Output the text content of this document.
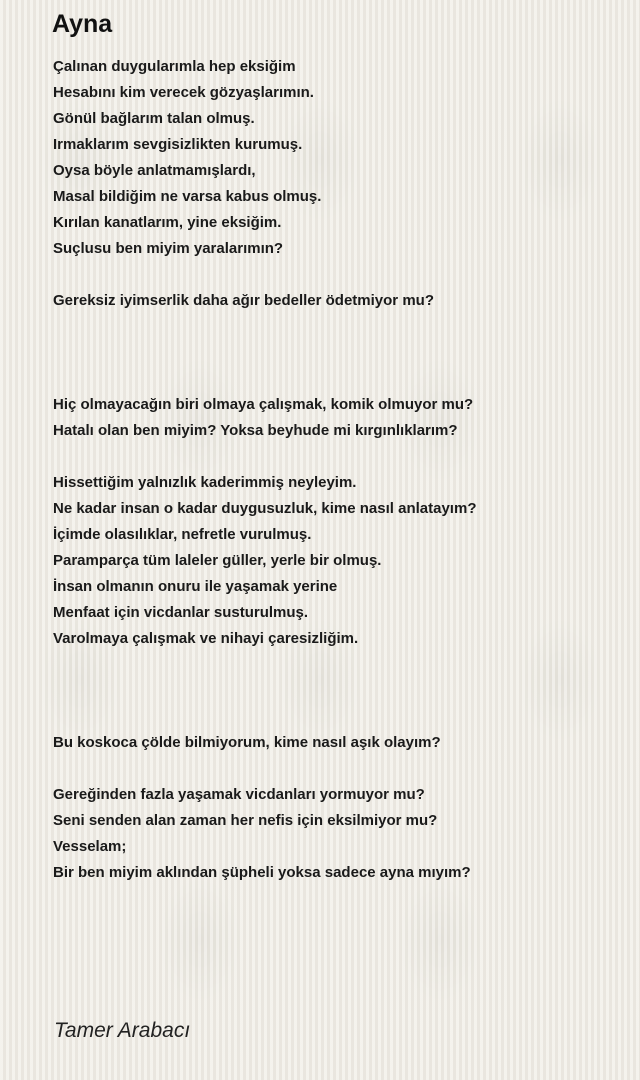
Ayna
Çalınan duygularımla hep eksiğim
Hesabını kim verecek gözyaşlarımın.
Gönül bağlarım talan olmuş.
Irmaklarım sevgisizlikten kurumuş.
Oysa böyle anlatmamışlardı,
Masal bildiğim ne varsa kabus olmuş.
Kırılan kanatlarım, yine eksiğim.
Suçlusu ben miyim yaralarımın?
Gereksiz iyimserlik daha ağır bedeller ödetmiyor mu?
Hiç olmayacağın biri olmaya çalışmak, komik olmuyor mu?
Hatalı olan ben miyim? Yoksa beyhude mi kırgınlıklarım?
Hissettiğim yalnızlık kaderimmiş neyleyim.
Ne kadar insan o kadar duygusuzluk, kime nasıl anlatayım?
İçimde olasılıklar, nefretle vurulmuş.
Paramparça tüm laleler güller, yerle bir olmuş.
İnsan olmanın onuru ile yaşamak yerine
Menfaat için vicdanlar susturulmuş.
Varolmaya çalışmak ve nihayi çaresizliğim.
Bu koskoca çölde bilmiyorum, kime nasıl aşık olayım?
Gereğinden fazla yaşamak vicdanları yormuyor mu?
Seni senden alan zaman her nefis için eksilmiyor mu?
Vesselam;
Bir ben miyim aklından şüpheli yoksa sadece ayna mıyım?
Tamer Arabacı
